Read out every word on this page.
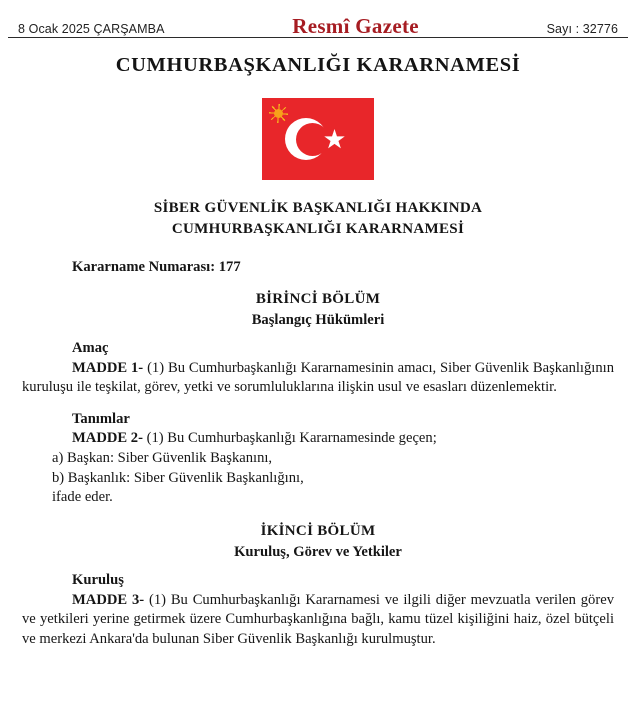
8 Ocak 2025 ÇARŞAMBA	Resmî Gazete	Sayı : 32776
CUMHURBAŞKANLIĞI KARARNAMESİ
SİBER GÜVENLİK BAŞKANLIĞI HAKKINDA
CUMHURBAŞKANLIĞI KARARNAMESİ
Kararname Numarası: 177
BİRİNCİ BÖLÜM
Başlangıç Hükümleri
Amaç

MADDE 1- (1) Bu Cumhurbaşkanlığı Kararnamesinin amacı, Siber Güvenlik Başkanlığının kuruluşu ile teşkilat, görev, yetki ve sorumluluklarına ilişkin usul ve esasları düzenlemektir.

Tanımlar

MADDE 2- (1) Bu Cumhurbaşkanlığı Kararnamesinde geçen;

a) Başkan: Siber Güvenlik Başkanını,

b) Başkanlık: Siber Güvenlik Başkanlığını,

ifade eder.

İKİNCİ BÖLÜM
Kuruluş, Görev ve Yetkiler
Kuruluş

MADDE 3- (1) Bu Cumhurbaşkanlığı Kararnamesi ve ilgili diğer mevzuatla verilen görev ve yetkileri yerine getirmek üzere Cumhurbaşkanlığına bağlı, kamu tüzel kişiliğini haiz, özel bütçeli ve merkezi Ankara'da bulunan Siber Güvenlik Başkanlığı kurulmuştur.
